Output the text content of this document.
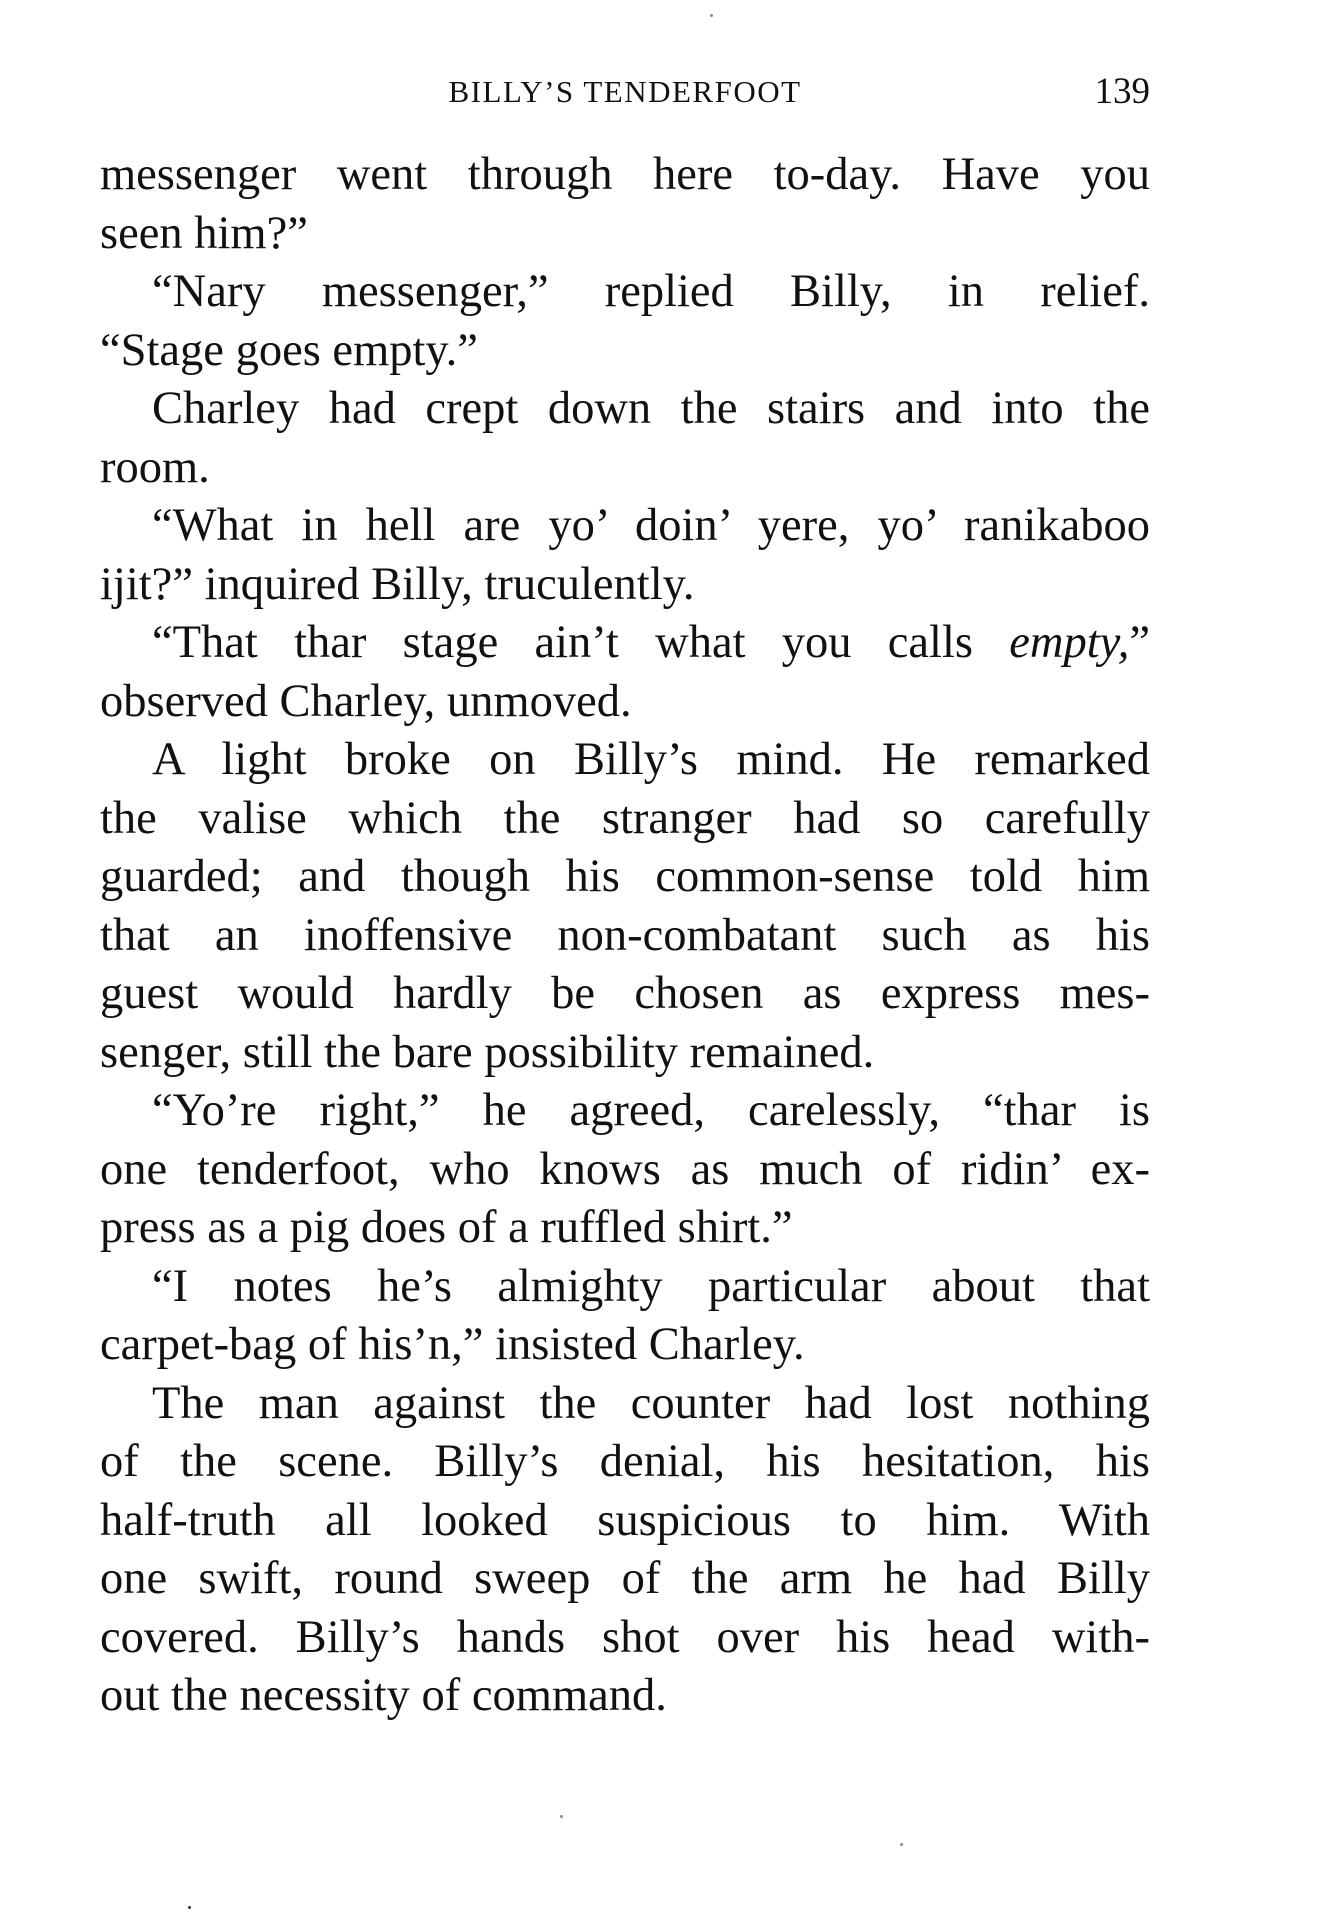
BILLY’S TENDERFOOT	139

messenger went through here to-day. Have you
seen him?”

“Nary messenger,” replied Billy, in relief.
“Stage goes empty.”

Charley had crept down the stairs and into the
room.

“What in hell are yo’ doin’ yere, yo’ ranikaboo
ijit?” inquired Billy, truculently.

“That thar stage ain’t what you calls empty,”
observed Charley, unmoved.

A light broke on Billy’s mind. He remarked
the valise which the stranger had so carefully
guarded; and though his common-sense told him
that an inoffensive non-combatant such as his
guest would hardly be chosen as express mes-
senger, still the bare possibility remained.

“Yo’re right,” he agreed, carelessly, “thar is
one tenderfoot, who knows as much of ridin’ ex-
press as a pig does of a ruffled shirt.”

“I notes he’s almighty particular about that
carpet-bag of his’n,” insisted Charley.

The man against the counter had lost nothing
of the scene. Billy’s denial, his hesitation, his
half-truth all looked suspicious to him. With
one swift, round sweep of the arm he had Billy
covered. Billy’s hands shot over his head with-
out the necessity of command.
